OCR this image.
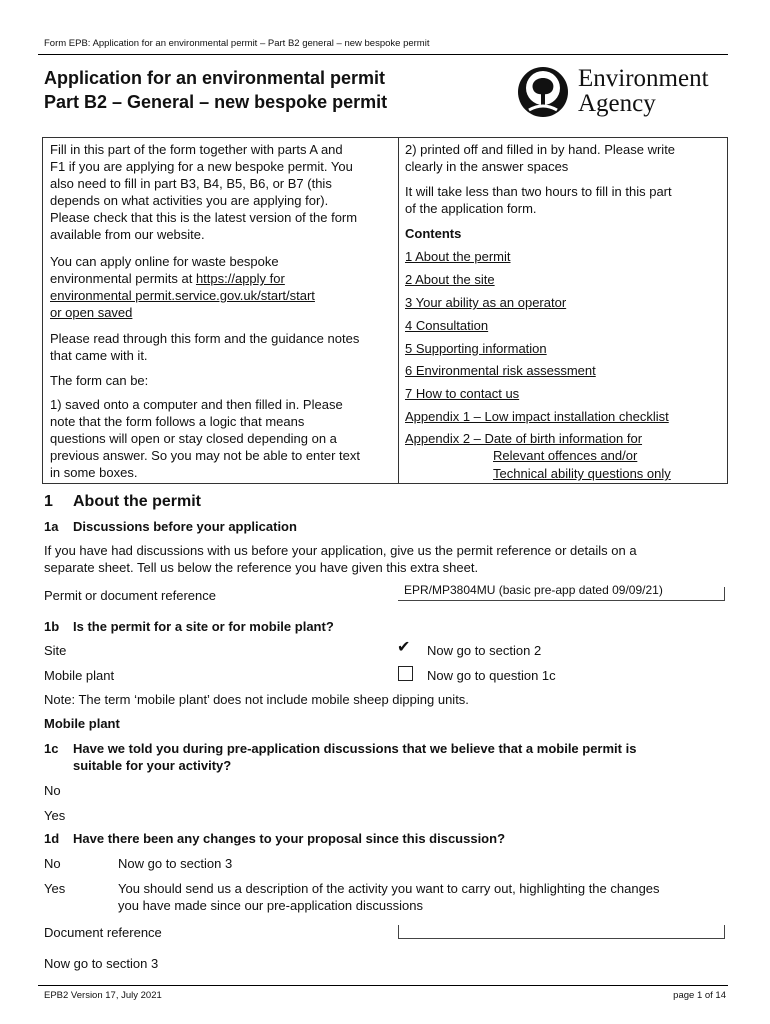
Form EPB: Application for an environmental permit – Part B2 general – new bespoke permit
Application for an environmental permit
Part B2 – General – new bespoke permit
Environment
Agency
Fill in this part of the form together with parts A and
F1 if you are applying for a new bespoke permit. You
also need to fill in part B3, B4, B5, B6, or B7 (this
depends on what activities you are applying for).
Please check that this is the latest version of the form
available from our website.
You can apply online for waste bespoke
environmental permits at https://apply for
environmental permit.service.gov.uk/start/start
or open saved
Please read through this form and the guidance notes
that came with it.
The form can be:
1) saved onto a computer and then filled in. Please
note that the form follows a logic that means
questions will open or stay closed depending on a
previous answer. So you may not be able to enter text
in some boxes.
2) printed off and filled in by hand. Please write
clearly in the answer spaces
It will take less than two hours to fill in this part
of the application form.
Contents
1 About the permit
2 About the site
3 Your ability as an operator
4 Consultation
5 Supporting information
6 Environmental risk assessment
7 How to contact us
Appendix 1 – Low impact installation checklist
Appendix 2 – Date of birth information for
Relevant offences and/or
Technical ability questions only
1 About the permit
1a Discussions before your application
If you have had discussions with us before your application, give us the permit reference or details on a
separate sheet. Tell us below the reference you have given this extra sheet.
Permit or document reference	EPR/MP3804MU (basic pre-app dated 09/09/21)
1b Is the permit for a site or for mobile plant?
Site	✔ Now go to section 2
Mobile plant	Now go to question 1c
Note: The term ‘mobile plant’ does not include mobile sheep dipping units.
Mobile plant
1c Have we told you during pre-application discussions that we believe that a mobile permit is
suitable for your activity?
No
Yes
1d Have there been any changes to your proposal since this discussion?
No	Now go to section 3
Yes	You should send us a description of the activity you want to carry out, highlighting the changes
you have made since our pre-application discussions
Document reference
Now go to section 3
EPB2 Version 17, July 2021	page 1 of 14
